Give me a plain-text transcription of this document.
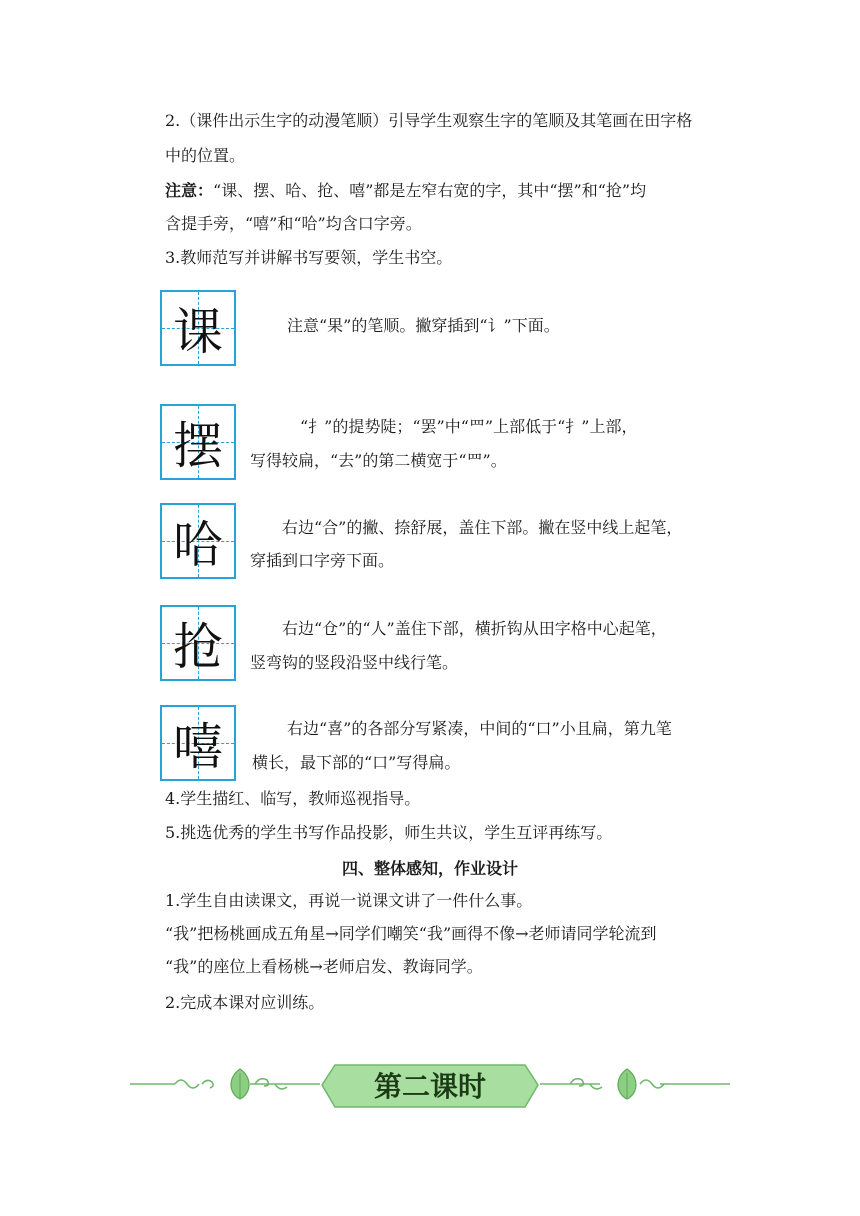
2.（课件出示生字的动漫笔顺）引导学生观察生字的笔顺及其笔画在田字格
中的位置。
注意：“课、摆、哈、抢、嘻”都是左窄右宽的字，其中“摆”和“抢”均
含提手旁，“嘻”和“哈”均含口字旁。
3.教师范写并讲解书写要领，学生书空。
课	注意“果”的笔顺。撇穿插到“讠”下面。
摆	“扌”的提势陡；“罢”中“罒”上部低于“扌”上部，
写得较扁，“去”的第二横宽于“罒”。
哈	右边“合”的撇、捺舒展，盖住下部。撇在竖中线上起笔，
穿插到口字旁下面。
抢	右边“仓”的“人”盖住下部，横折钩从田字格中心起笔，
竖弯钩的竖段沿竖中线行笔。
嘻	右边“喜”的各部分写紧凑，中间的“口”小且扁，第九笔
横长，最下部的“口”写得扁。
4.学生描红、临写，教师巡视指导。
5.挑选优秀的学生书写作品投影，师生共议，学生互评再练写。
四、整体感知，作业设计
1.学生自由读课文，再说一说课文讲了一件什么事。
“我”把杨桃画成五角星→同学们嘲笑“我”画得不像→老师请同学轮流到
“我”的座位上看杨桃→老师启发、教诲同学。
2.完成本课对应训练。
第二课时
